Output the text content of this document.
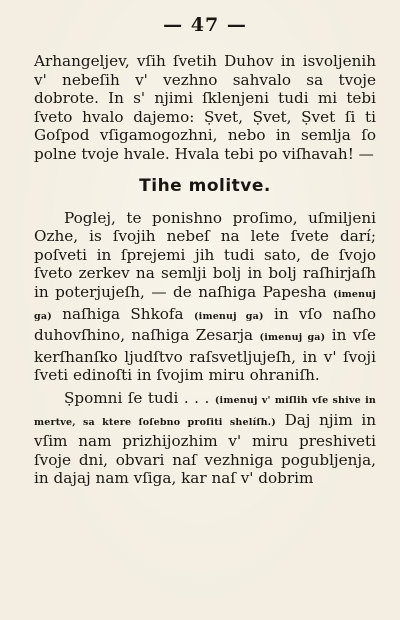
— 47 —

Arhangeljev, vſih ſvetih Duhov in isvoljenih v' nebeſih v' vezhno sahvalo sa tvoje dobrote. In s' njimi ſklenjeni tudi mi tebi ſveto hvalo dajemo: Ṣvet, Ṣvet, Ṣvet ſi ti Goſpod vſigamogozhni, nebo in semlja ſo polne tvoje hvale. Hvala tebi po viſhavah! —

Tihe molitve.

Poglej, te ponishno proſimo, uſmiljeni Ozhe, is ſvojih nebeſ na lete ſvete darí; poſveti in ſprejemi jih tudi sato, de ſvojo ſveto zerkev na semlji bolj in bolj raſhirjaſh in poterjujeſh, — de naſhiga Papesha (imenuj ga) naſhiga Shkofa (imenuj ga) in vſo naſho duhovſhino, naſhiga Zesarja (imenuj ga) in vſe kerſhanſko ljudſtvo raſsvetljujeſh, in v' ſvoji ſveti edinoſti in ſvojim miru ohraniſh.

Ṣpomni ſe tudi . . . (imenuj v' miſlih vſe shive in mertve, sa ktere ſoſebno proſiti shelíſh.) Daj njim in vſim nam prizhijozhim v' miru preshiveti ſvoje dni, obvari naſ vezhniga pogubljenja, in dajaj nam vſiga, kar naſ v' dobrim
